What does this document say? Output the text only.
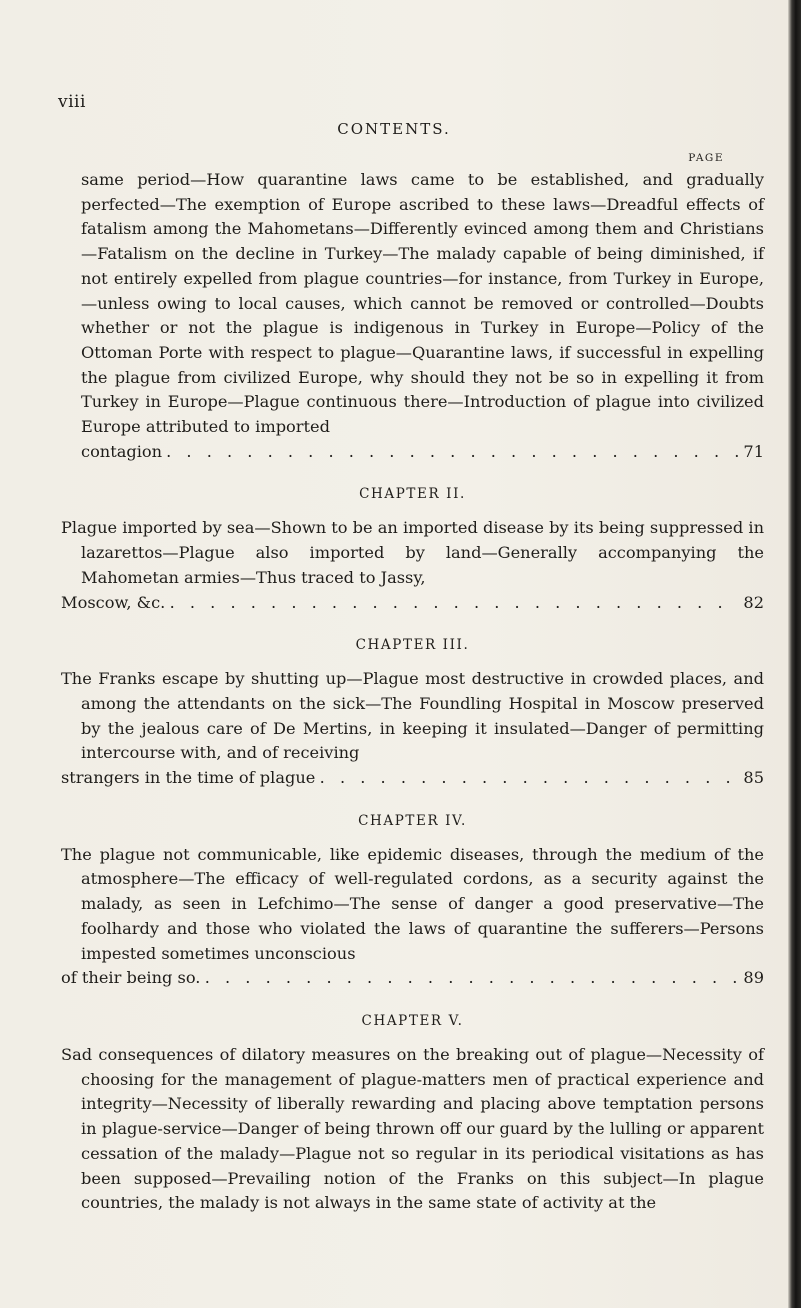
viii
CONTENTS.
PAGE
same period—How quarantine laws came to be established, and gradually perfected—The exemption of Europe ascribed to these laws—Dreadful effects of fatalism among the Mahometans—Differently evinced among them and Christians—Fatalism on the decline in Turkey—The malady capable of being diminished, if not entirely expelled from plague countries—for instance, from Turkey in Europe,—unless owing to local causes, which cannot be removed or controlled—Doubts whether or not the plague is indigenous in Turkey in Europe—Policy of the Ottoman Porte with respect to plague—Quarantine laws, if successful in expelling the plague from civilized Europe, why should they not be so in expelling it from Turkey in Europe—Plague continuous there—Introduction of plague into civilized Europe attributed to imported
contagion . . .	71
CHAPTER II.
Plague imported by sea—Shown to be an imported disease by its being suppressed in lazarettos—Plague also imported by land—Generally accompanying the Mahometan armies—Thus traced to Jassy,
Moscow, &c. . . .	82
CHAPTER III.
The Franks escape by shutting up—Plague most destructive in crowded places, and among the attendants on the sick—The Foundling Hospital in Moscow preserved by the jealous care of De Mertins, in keeping it insulated—Danger of permitting intercourse with, and of receiving
strangers in the time of plague . . .	85
CHAPTER IV.
The plague not communicable, like epidemic diseases, through the medium of the atmosphere—The efficacy of well-regulated cordons, as a security against the malady, as seen in Lefchimo—The sense of danger a good preservative—The foolhardy and those who violated the laws of quarantine the sufferers—Persons impested sometimes unconscious
of their being so. . . .	89
CHAPTER V.
Sad consequences of dilatory measures on the breaking out of plague—Necessity of choosing for the management of plague-matters men of practical experience and integrity—Necessity of liberally rewarding and placing above temptation persons in plague-service—Danger of being thrown off our guard by the lulling or apparent cessation of the malady—Plague not so regular in its periodical visitations as has been supposed—Prevailing notion of the Franks on this subject—In plague countries, the malady is not always in the same state of activity at the
